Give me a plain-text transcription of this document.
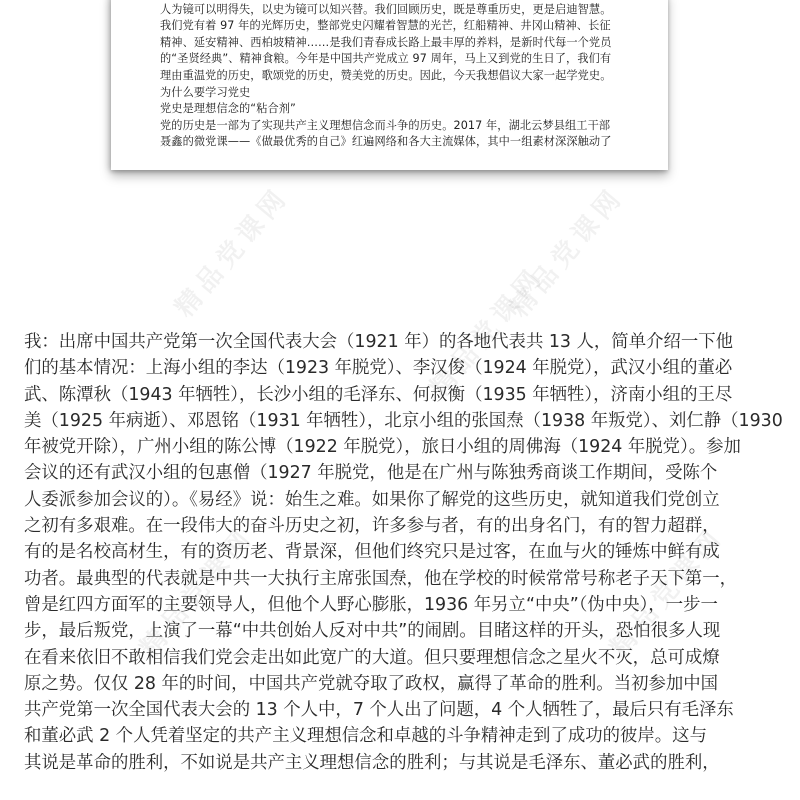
精品党课网	精品党课网
精品党课网
精品党课网	精品党课网
人为镜可以明得失，以史为镜可以知兴替。我们回顾历史，既是尊重历史，更是启迪智慧。
我们党有着 97 年的光辉历史，整部党史闪耀着智慧的光芒，红船精神、井冈山精神、长征
精神、延安精神、西柏坡精神……是我们青春成长路上最丰厚的养料，是新时代每一个党员
的“圣贤经典”、精神食粮。今年是中国共产党成立 97 周年，马上又到党的生日了，我们有
理由重温党的历史，歌颂党的历史，赞美党的历史。因此，今天我想倡议大家一起学党史。
为什么要学习党史
党史是理想信念的“粘合剂”
党的历史是一部为了实现共产主义理想信念而斗争的历史。2017 年，湖北云梦县组工干部
聂鑫的微党课——《做最优秀的自己》红遍网络和各大主流媒体，其中一组素材深深触动了
我：出席中国共产党第一次全国代表大会（1921 年）的各地代表共 13 人，简单介绍一下他
们的基本情况：上海小组的李达（1923 年脱党）、李汉俊（1924 年脱党），武汉小组的董必
武、陈潭秋（1943 年牺牲），长沙小组的毛泽东、何叔衡（1935 年牺牲），济南小组的王尽
美（1925 年病逝）、邓恩铭（1931 年牺牲），北京小组的张国焘（1938 年叛党）、刘仁静（1930
年被党开除），广州小组的陈公博（1922 年脱党），旅日小组的周佛海（1924 年脱党）。参加
会议的还有武汉小组的包惠僧（1927 年脱党，他是在广州与陈独秀商谈工作期间，受陈个
人委派参加会议的）。《易经》说：始生之难。如果你了解党的这些历史，就知道我们党创立
之初有多艰难。在一段伟大的奋斗历史之初，许多参与者，有的出身名门，有的智力超群，
有的是名校高材生，有的资历老、背景深，但他们终究只是过客，在血与火的锤炼中鲜有成
功者。最典型的代表就是中共一大执行主席张国焘，他在学校的时候常常号称老子天下第一，
曾是红四方面军的主要领导人，但他个人野心膨胀，1936 年另立“中央”（伪中央），一步一
步，最后叛党，上演了一幕“中共创始人反对中共”的闹剧。目睹这样的开头，恐怕很多人现
在看来依旧不敢相信我们党会走出如此宽广的大道。但只要理想信念之星火不灭，总可成燎
原之势。仅仅 28 年的时间，中国共产党就夺取了政权，赢得了革命的胜利。当初参加中国
共产党第一次全国代表大会的 13 个人中，7 个人出了问题，4 个人牺牲了，最后只有毛泽东
和董必武 2 个人凭着坚定的共产主义理想信念和卓越的斗争精神走到了成功的彼岸。这与
其说是革命的胜利，不如说是共产主义理想信念的胜利；与其说是毛泽东、董必武的胜利，
